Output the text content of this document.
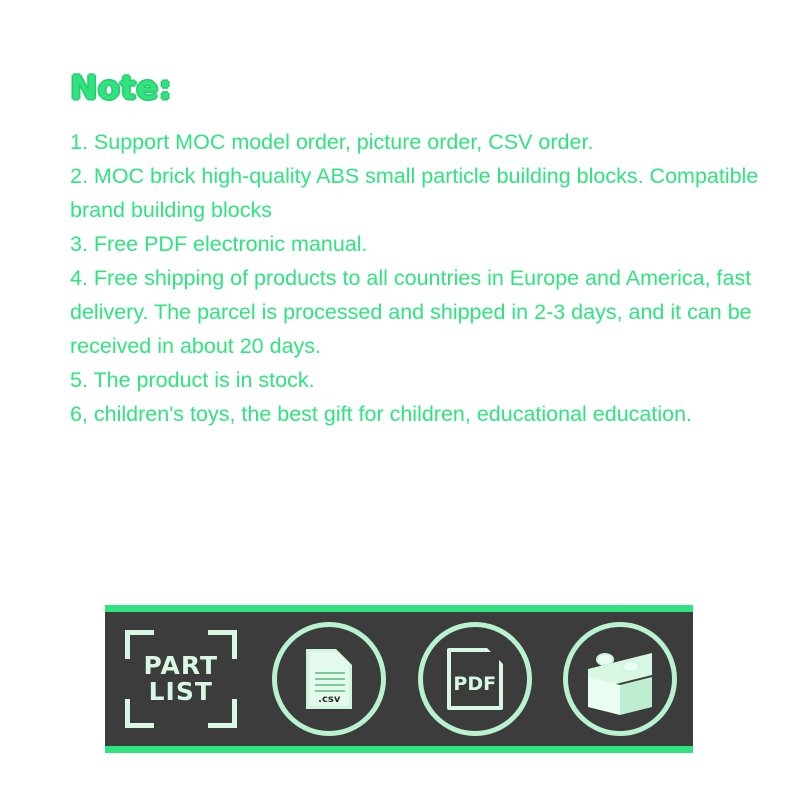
Note:
1. Support MOC model order, picture order, CSV order.
2. MOC brick high-quality ABS small particle building blocks. Compatible brand building blocks
3. Free PDF electronic manual.
4. Free shipping of products to all countries in Europe and America, fast delivery. The parcel is processed and shipped in 2-3 days, and it can be received in about 20 days.
5. The product is in stock.
6, children's toys, the best gift for children, educational education.
PART
LIST	.csv
PDF
